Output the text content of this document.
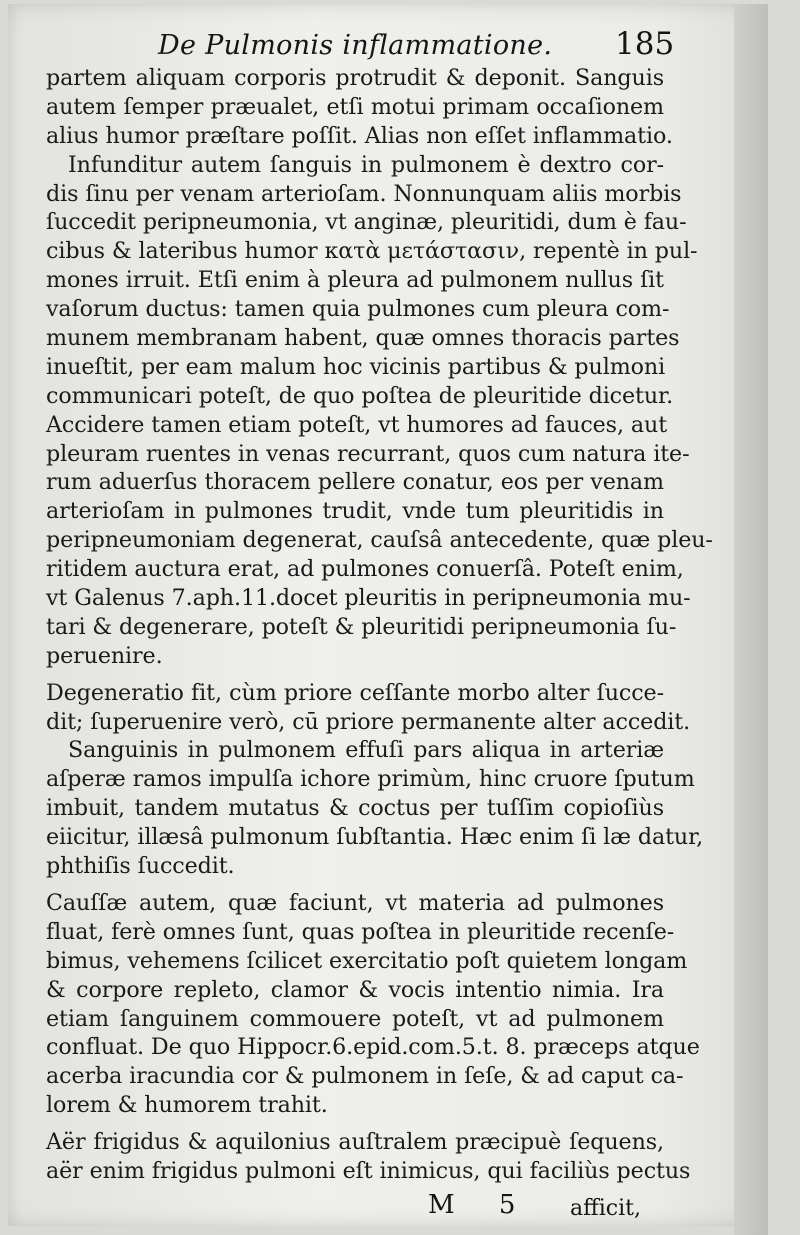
De Pulmonis inflammatione.	185
partem aliquam corporis protrudit & deponit. Sanguis
autem ſemper præualet, etſi motui primam occaſionem
alius humor præſtare poſſit. Alias non eſſet inflammatio.
Infunditur autem ſanguis in pulmonem è dextro cor-
dis ſinu per venam arterioſam. Nonnunquam aliis morbis
ſuccedit peripneumonia, vt anginæ, pleuritidi, dum è fau-
cibus & lateribus humor κατὰ μετάστασιν, repentè in pul-
mones irruit. Etſi enim à pleura ad pulmonem nullus ſit
vaſorum ductus: tamen quia pulmones cum pleura com-
munem membranam habent, quæ omnes thoracis partes
inueſtit, per eam malum hoc vicinis partibus & pulmoni
communicari poteſt, de quo poſtea de pleuritide dicetur.
Accidere tamen etiam poteſt, vt humores ad fauces, aut
pleuram ruentes in venas recurrant, quos cum natura ite-
rum aduerſus thoracem pellere conatur, eos per venam
arterioſam in pulmones trudit, vnde tum pleuritidis in
peripneumoniam degenerat, cauſsâ antecedente, quæ pleu-
ritidem auctura erat, ad pulmones conuerſâ. Poteſt enim,
vt Galenus 7.aph.11.docet pleuritis in peripneumonia mu-
tari & degenerare, poteſt & pleuritidi peripneumonia ſu-
peruenire.
Degeneratio fit, cùm priore ceſſante morbo alter ſucce-
dit; ſuperuenire verò, cū priore permanente alter accedit.
Sanguinis in pulmonem effuſi pars aliqua in arteriæ
aſperæ ramos impulſa ichore primùm, hinc cruore ſputum
imbuit, tandem mutatus & coctus per tuſſim copioſiùs
eiicitur, illæsâ pulmonum ſubſtantia. Hæc enim ſi læ datur,
phthiſis ſuccedit.
Cauſſæ autem, quæ faciunt, vt materia ad pulmones
fluat, ferè omnes ſunt, quas poſtea in pleuritide recenſe-
bimus, vehemens ſcilicet exercitatio poſt quietem longam
& corpore repleto, clamor & vocis intentio nimia. Ira
etiam ſanguinem commouere poteſt, vt ad pulmonem
confluat. De quo Hippocr.6.epid.com.5.t. 8. præceps atque
acerba iracundia cor & pulmonem in ſeſe, & ad caput ca-
lorem & humorem trahit.
Aër frigidus & aquilonius auſtralem præcipuè ſequens,
aër enim frigidus pulmoni eſt inimicus, qui faciliùs pectus
M 5 afficit,
